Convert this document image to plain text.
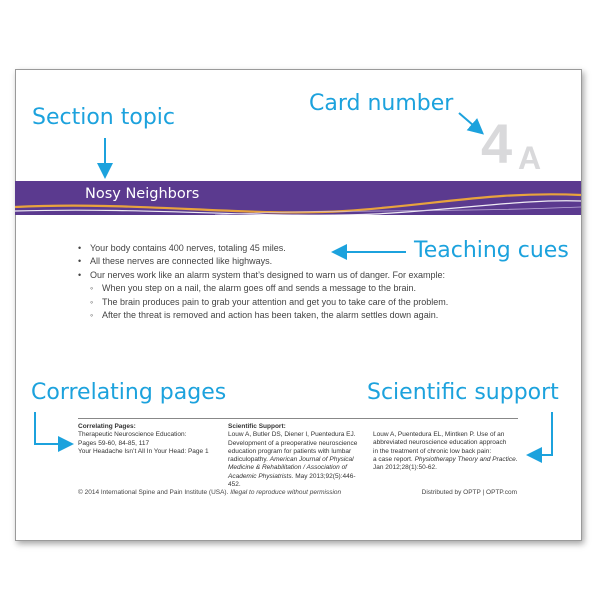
Nosy Neighbors
4 A
Section topic
Card number
Teaching cues
Correlating pages	Scientific support
• Your body contains 400 nerves, totaling 45 miles.
• All these nerves are connected like highways.
• Our nerves work like an alarm system that’s designed to warn us of danger. For example:
◦ When you step on a nail, the alarm goes off and sends a message to the brain.
◦ The brain produces pain to grab your attention and get you to take care of the problem.
◦ After the threat is removed and action has been taken, the alarm settles down again.
Correlating Pages:
Therapeutic Neuroscience Education:
Pages 59-60, 84-85, 117
Your Headache Isn’t All In Your Head: Page 1
Scientific Support:
Louw A, Butler DS, Diener I, Puentedura EJ.
Development of a preoperative neuroscience
education program for patients with lumbar
radiculopathy. American Journal of Physical
Medicine & Rehabilitation / Association of
Academic Physiatrists. May 2013;92(5):446-452.
Louw A, Puentedura EL, Mintken P. Use of an
abbreviated neuroscience education approach
in the treatment of chronic low back pain:
a case report. Physiotherapy Theory and Practice.
Jan 2012;28(1):50-62.
© 2014 International Spine and Pain Institute (USA). Illegal to reproduce without permission	Distributed by OPTP | OPTP.com
